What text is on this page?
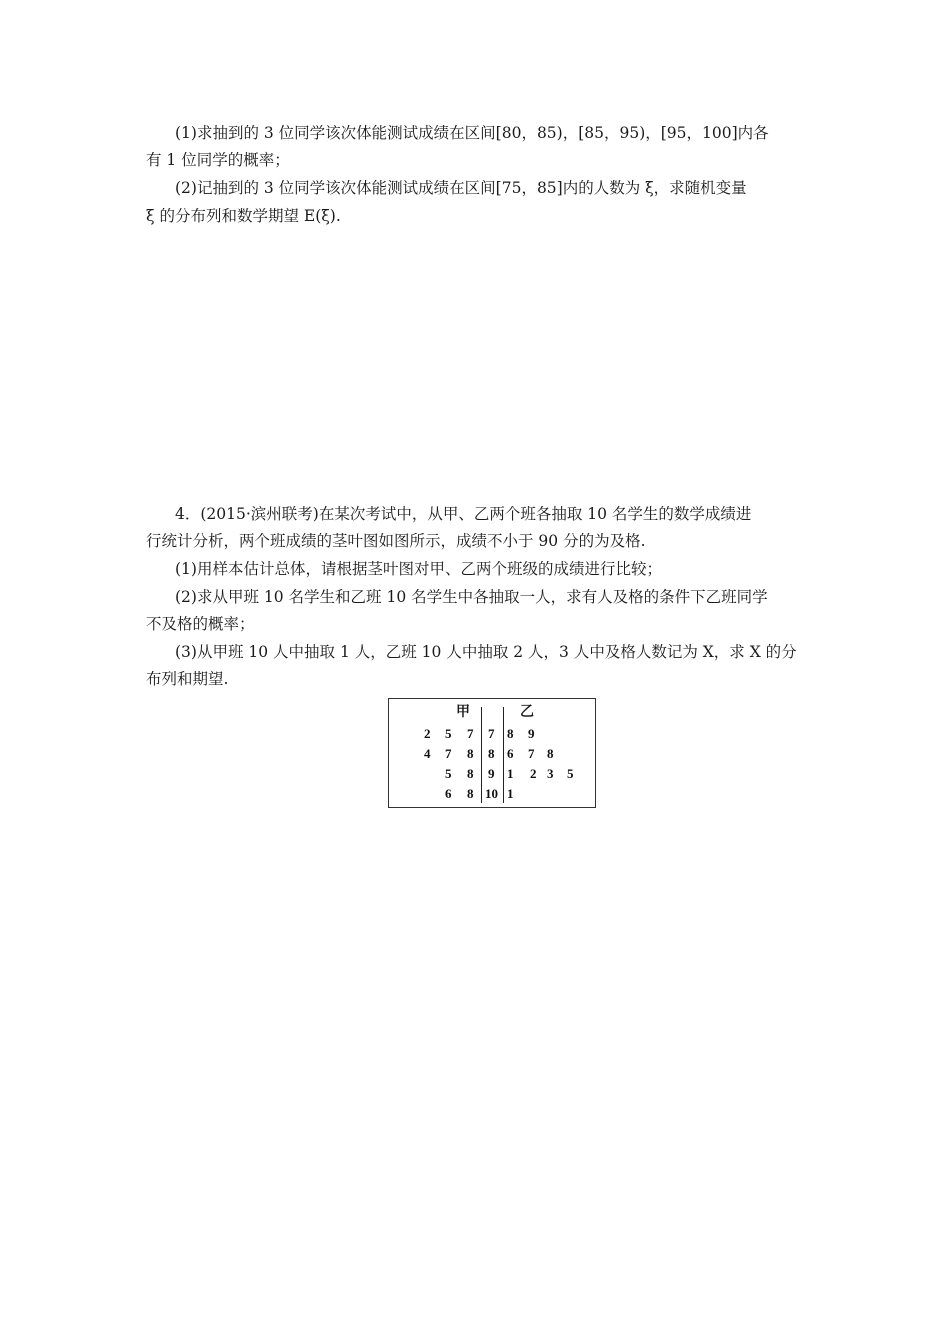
(1)求抽到的 3 位同学该次体能测试成绩在区间[80，85)，[85，95)，[95，100]内各
有 1 位同学的概率；
(2)记抽到的 3 位同学该次体能测试成绩在区间[75，85]内的人数为 ξ，求随机变量
ξ 的分布列和数学期望 E(ξ).
4．(2015·滨州联考)在某次考试中，从甲、乙两个班各抽取 10 名学生的数学成绩进
行统计分析，两个班成绩的茎叶图如图所示，成绩不小于 90 分的为及格.
(1)用样本估计总体，请根据茎叶图对甲、乙两个班级的成绩进行比较；
(2)求从甲班 10 名学生和乙班 10 名学生中各抽取一人，求有人及格的条件下乙班同学
不及格的概率；
(3)从甲班 10 人中抽取 1 人，乙班 10 人中抽取 2 人，3 人中及格人数记为 X，求 X 的分
布列和期望.
甲	乙
2 5 7 7 8 9
4 7 8 8 6 7 8
5 8 9 1 2 3 5
6 8 10 1
